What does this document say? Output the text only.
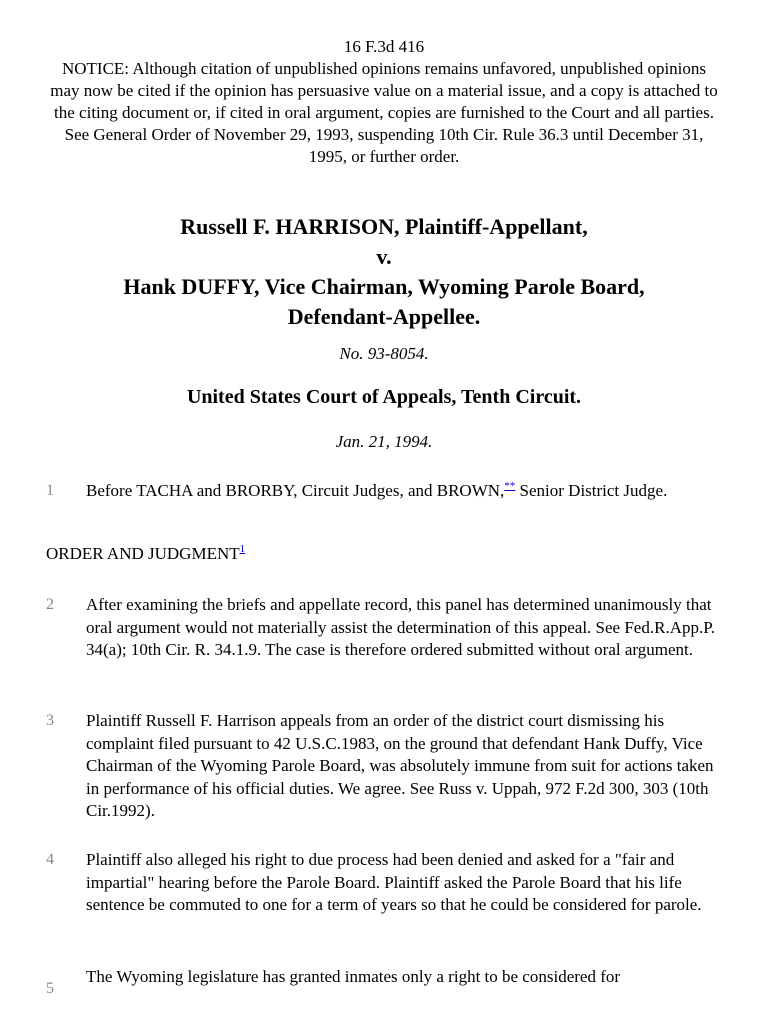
16 F.3d 416
NOTICE: Although citation of unpublished opinions remains unfavored, unpublished opinions may now be cited if the opinion has persuasive value on a material issue, and a copy is attached to the citing document or, if cited in oral argument, copies are furnished to the Court and all parties. See General Order of November 29, 1993, suspending 10th Cir. Rule 36.3 until December 31, 1995, or further order.
Russell F. HARRISON, Plaintiff-Appellant,
v.
Hank DUFFY, Vice Chairman, Wyoming Parole Board,
Defendant-Appellee.
No. 93-8054.
United States Court of Appeals, Tenth Circuit.
Jan. 21, 1994.
1 Before TACHA and BRORBY, Circuit Judges, and BROWN,** Senior District Judge.
ORDER AND JUDGMENT$^1$
2 After examining the briefs and appellate record, this panel has determined unanimously that oral argument would not materially assist the determination of this appeal. See Fed.R.App.P. 34(a); 10th Cir. R. 34.1.9. The case is therefore ordered submitted without oral argument.
3 Plaintiff Russell F. Harrison appeals from an order of the district court dismissing his complaint filed pursuant to 42 U.S.C.1983, on the ground that defendant Hank Duffy, Vice Chairman of the Wyoming Parole Board, was absolutely immune from suit for actions taken in performance of his official duties. We agree. See Russ v. Uppah, 972 F.2d 300, 303 (10th Cir.1992).
4 Plaintiff also alleged his right to due process had been denied and asked for a "fair and impartial" hearing before the Parole Board. Plaintiff asked the Parole Board that his life sentence be commuted to one for a term of years so that he could be considered for parole.
5
The Wyoming legislature has granted inmates only a right to be considered for
